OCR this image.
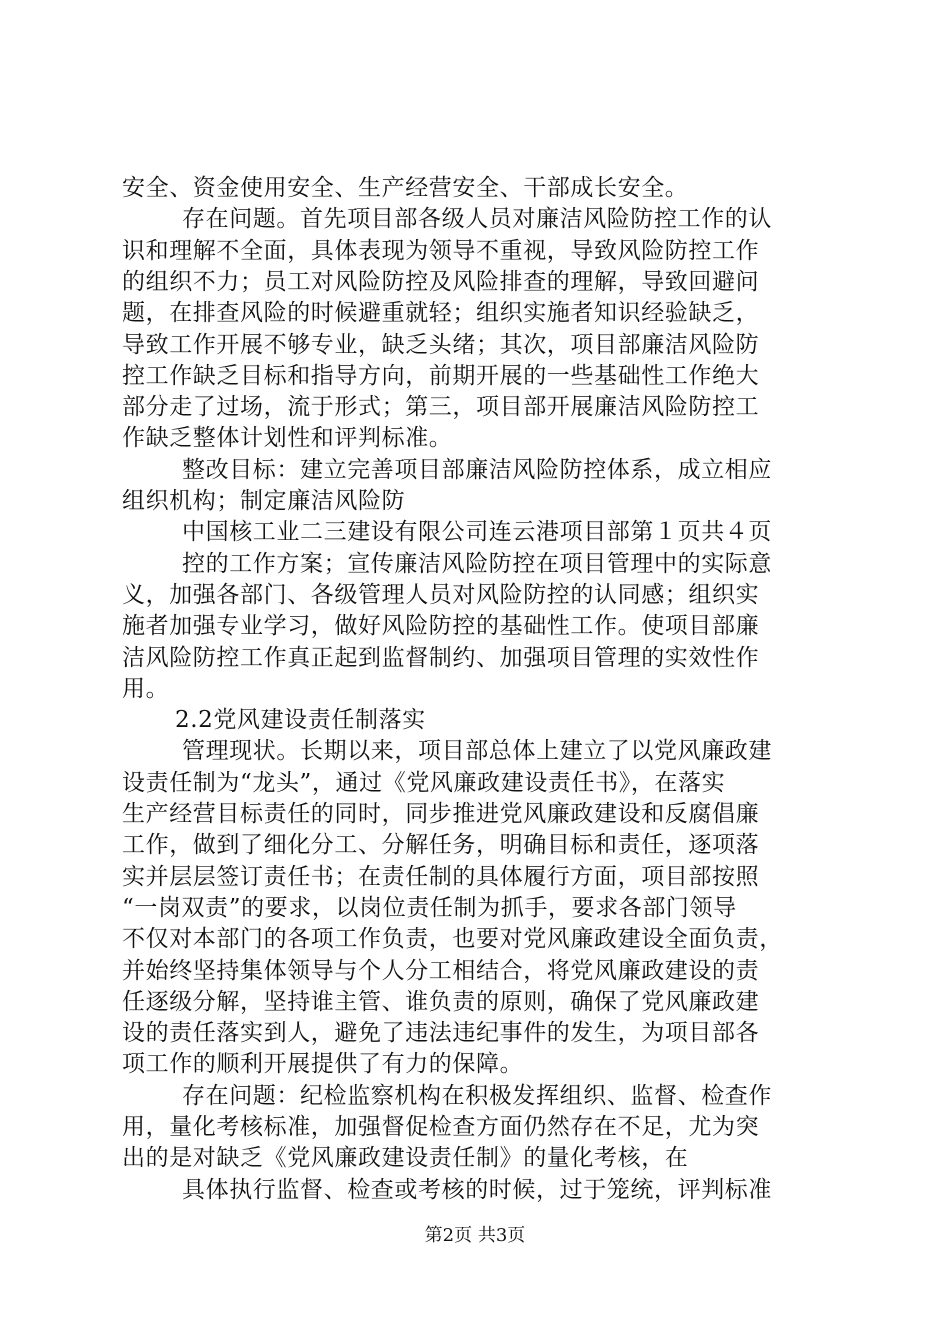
安全、资金使用安全、生产经营安全、干部成长安全。
存在问题。首先项目部各级人员对廉洁风险防控工作的认
识和理解不全面，具体表现为领导不重视，导致风险防控工作
的组织不力；员工对风险防控及风险排查的理解，导致回避问
题，在排查风险的时候避重就轻；组织实施者知识经验缺乏，
导致工作开展不够专业，缺乏头绪；其次，项目部廉洁风险防
控工作缺乏目标和指导方向，前期开展的一些基础性工作绝大
部分走了过场，流于形式；第三，项目部开展廉洁风险防控工
作缺乏整体计划性和评判标准。
整改目标：建立完善项目部廉洁风险防控体系，成立相应
组织机构；制定廉洁风险防
中国核工业二三建设有限公司连云港项目部第１页共４页
控的工作方案；宣传廉洁风险防控在项目管理中的实际意
义，加强各部门、各级管理人员对风险防控的认同感；组织实
施者加强专业学习，做好风险防控的基础性工作。使项目部廉
洁风险防控工作真正起到监督制约、加强项目管理的实效性作
用。
2.2党风建设责任制落实
管理现状。长期以来，项目部总体上建立了以党风廉政建
设责任制为“龙头”，通过《党风廉政建设责任书》，在落实
生产经营目标责任的同时，同步推进党风廉政建设和反腐倡廉
工作，做到了细化分工、分解任务，明确目标和责任，逐项落
实并层层签订责任书；在责任制的具体履行方面，项目部按照
“一岗双责”的要求，以岗位责任制为抓手，要求各部门领导
不仅对本部门的各项工作负责，也要对党风廉政建设全面负责，
并始终坚持集体领导与个人分工相结合，将党风廉政建设的责
任逐级分解，坚持谁主管、谁负责的原则，确保了党风廉政建
设的责任落实到人，避免了违法违纪事件的发生，为项目部各
项工作的顺利开展提供了有力的保障。
存在问题：纪检监察机构在积极发挥组织、监督、检查作
用，量化考核标准，加强督促检查方面仍然存在不足，尤为突
出的是对缺乏《党风廉政建设责任制》的量化考核，在
具体执行监督、检查或考核的时候，过于笼统，评判标准
第2页 共3页
